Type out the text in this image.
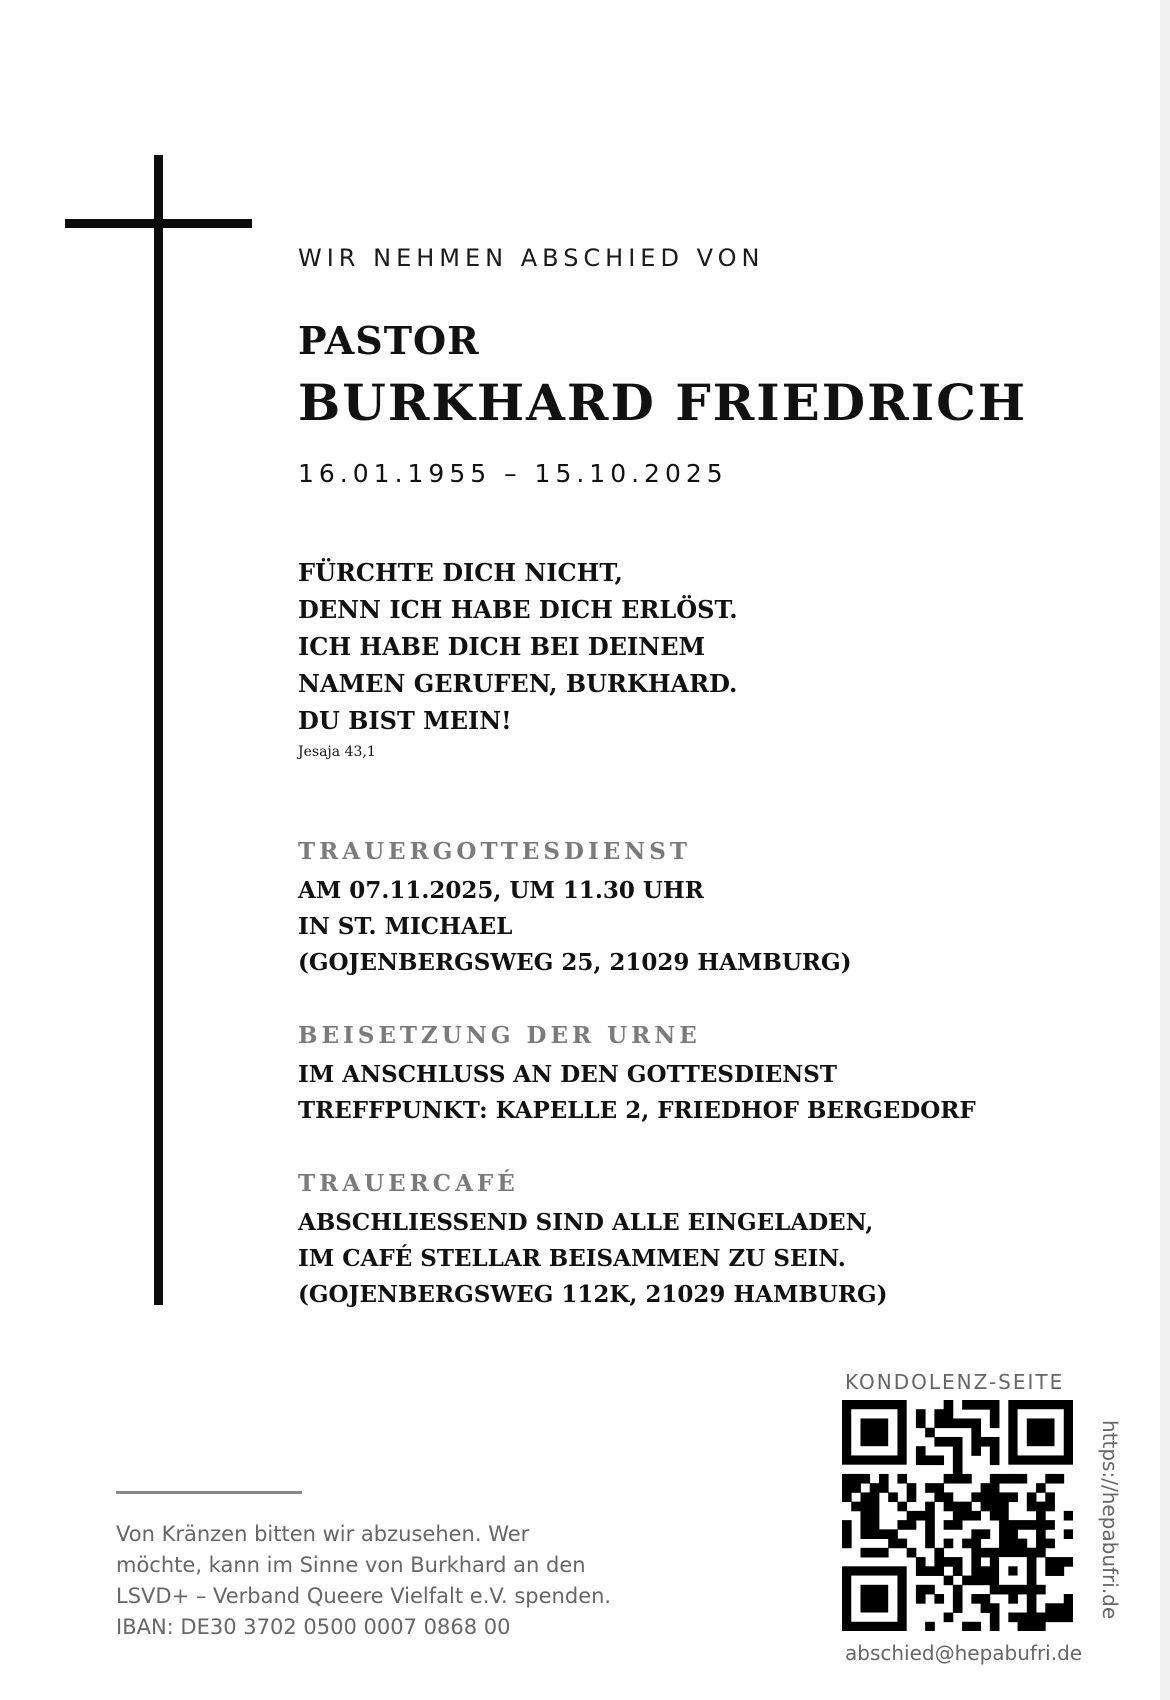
WIR NEHMEN ABSCHIED VON
PASTOR
BURKHARD FRIEDRICH
16.01.1955 – 15.10.2025
FÜRCHTE DICH NICHT,
DENN ICH HABE DICH ERLÖST.
ICH HABE DICH BEI DEINEM
NAMEN GERUFEN, BURKHARD.
DU BIST MEIN!
Jesaja 43,1
TRAUERGOTTESDIENST
AM 07.11.2025, UM 11.30 UHR
IN ST. MICHAEL
(GOJENBERGSWEG 25, 21029 HAMBURG)
BEISETZUNG DER URNE
IM ANSCHLUSS AN DEN GOTTESDIENST
TREFFPUNKT: KAPELLE 2, FRIEDHOF BERGEDORF
TRAUERCAFÉ
ABSCHLIESSEND SIND ALLE EINGELADEN,
IM CAFÉ STELLAR BEISAMMEN ZU SEIN.
(GOJENBERGSWEG 112K, 21029 HAMBURG)
Von Kränzen bitten wir abzusehen. Wer
möchte, kann im Sinne von Burkhard an den
LSVD+ – Verband Queere Vielfalt e.V. spenden.
IBAN: DE30 3702 0500 0007 0868 00
KONDOLENZ-SEITE
https://hepabufri.de
abschied@hepabufri.de
